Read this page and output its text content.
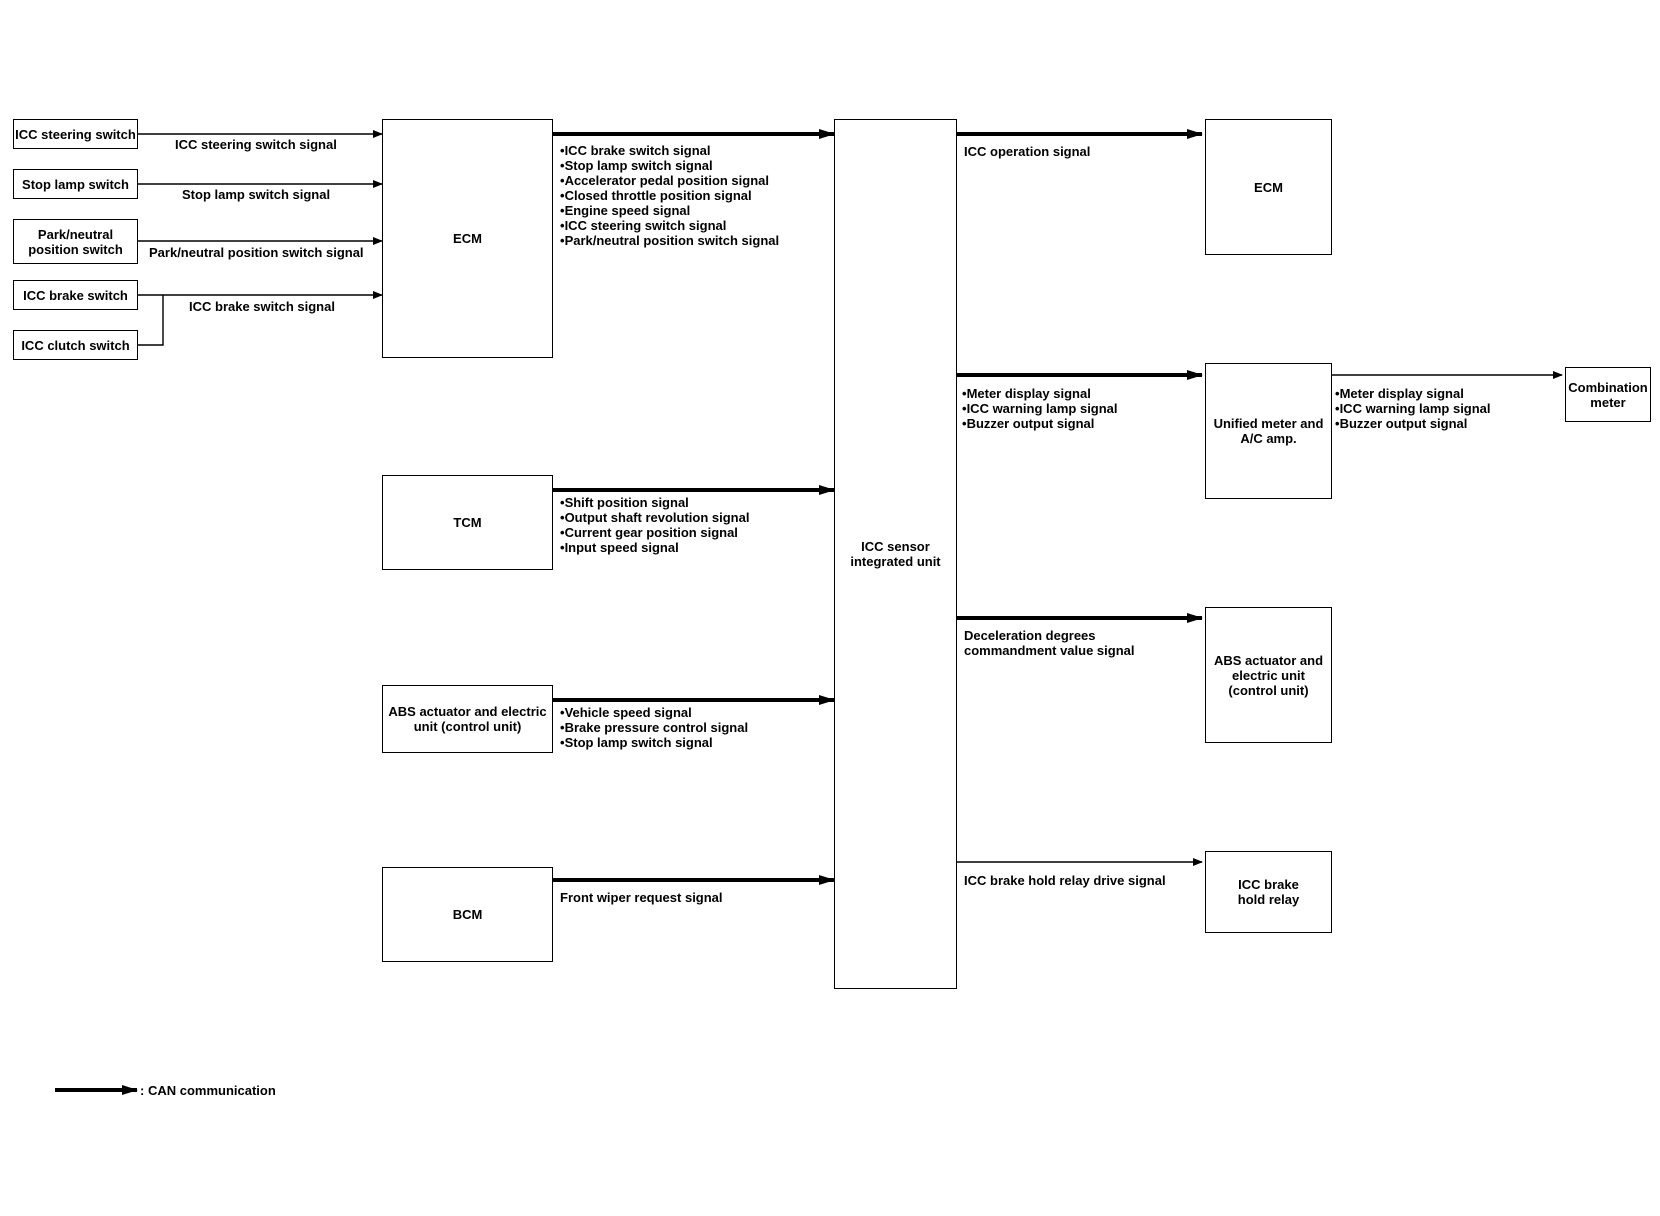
ICC steering switch
Stop lamp switch
Park/neutral position switch
ICC brake switch
ICC clutch switch
ICC steering switch signal
Stop lamp switch signal
Park/neutral position switch signal
ICC brake switch signal
ECM
TCM
ABS actuator and electric unit (control unit)
BCM
• ICC brake switch signal
• Stop lamp switch signal
• Accelerator pedal position signal
• Closed throttle position signal
• Engine speed signal
• ICC steering switch signal
• Park/neutral position switch signal
• Shift position signal
• Output shaft revolution signal
• Current gear position signal
• Input speed signal
• Vehicle speed signal
• Brake pressure control signal
• Stop lamp switch signal
Front wiper request signal
ICC sensor integrated unit
ICC operation signal
• Meter display signal
• ICC warning lamp signal
• Buzzer output signal
Deceleration degrees commandment value signal
ICC brake hold relay drive signal
ECM
Unified meter and A/C amp.
ABS actuator and electric unit (control unit)
ICC brake hold relay
Combination meter
• Meter display signal
• ICC warning lamp signal
• Buzzer output signal
: CAN communication
